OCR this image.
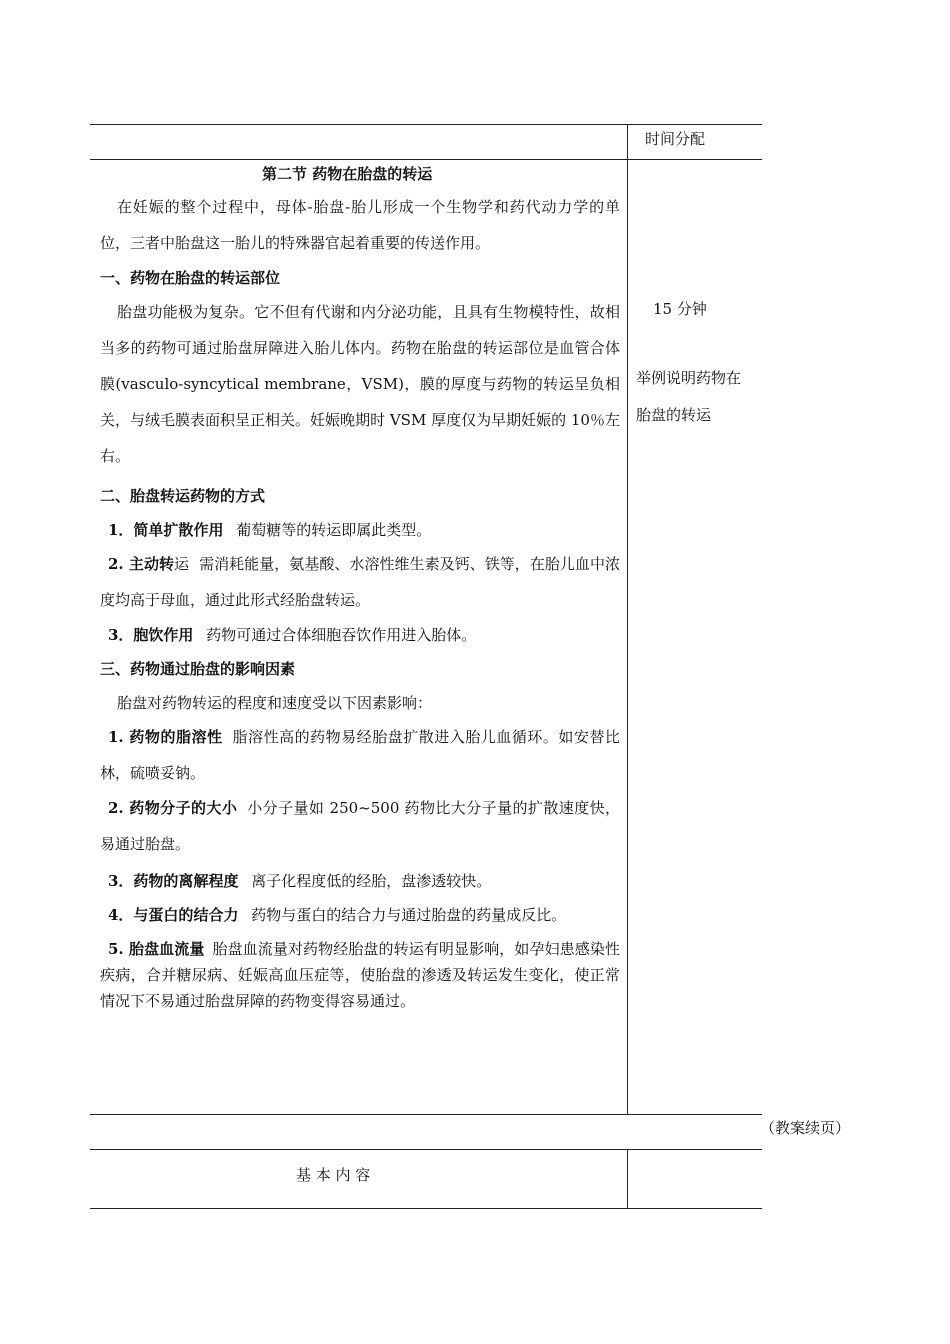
时间分配
第二节 药物在胎盘的转运

在妊娠的整个过程中，母体-胎盘-胎儿形成一个生物学和药代动力学的单位，三者中胎盘这一胎儿的特殊器官起着重要的传送作用。

一、药物在胎盘的转运部位

胎盘功能极为复杂。它不但有代谢和内分泌功能，且具有生物模特性，故相当多的药物可通过胎盘屏障进入胎儿体内。药物在胎盘的转运部位是血管合体膜(vasculo-syncytical membrane，VSM)，膜的厚度与药物的转运呈负相关，与绒毛膜表面积呈正相关。妊娠晚期时 VSM 厚度仅为早期妊娠的 10％左右。

二、胎盘转运药物的方式
1．简单扩散作用 葡萄糖等的转运即属此类型。

2. 主动转运 需消耗能量，氨基酸、水溶性维生素及钙、铁等，在胎儿血中浓度均高于母血，通过此形式经胎盘转运。

3．胞饮作用 药物可通过合体细胞吞饮作用进入胎体。
三、药物通过胎盘的影响因素
胎盘对药物转运的程度和速度受以下因素影响：

1. 药物的脂溶性 脂溶性高的药物易经胎盘扩散进入胎儿血循环。如安替比林，硫喷妥钠。

2. 药物分子的大小 小分子量如 250~500 药物比大分子量的扩散速度快，易通过胎盘。

3．药物的离解程度 离子化程度低的经胎，盘渗透较快。
4．与蛋白的结合力 药物与蛋白的结合力与通过胎盘的药量成反比。

5. 胎盘血流量 胎盘血流量对药物经胎盘的转运有明显影响，如孕妇患感染性疾病，合并糖尿病、妊娠高血压症等，使胎盘的渗透及转运发生变化，使正常情况下不易通过胎盘屏障的药物变得容易通过。

15 分钟
举例说明药物在
胎盘的转运
（教案续页）
基 本 内 容
